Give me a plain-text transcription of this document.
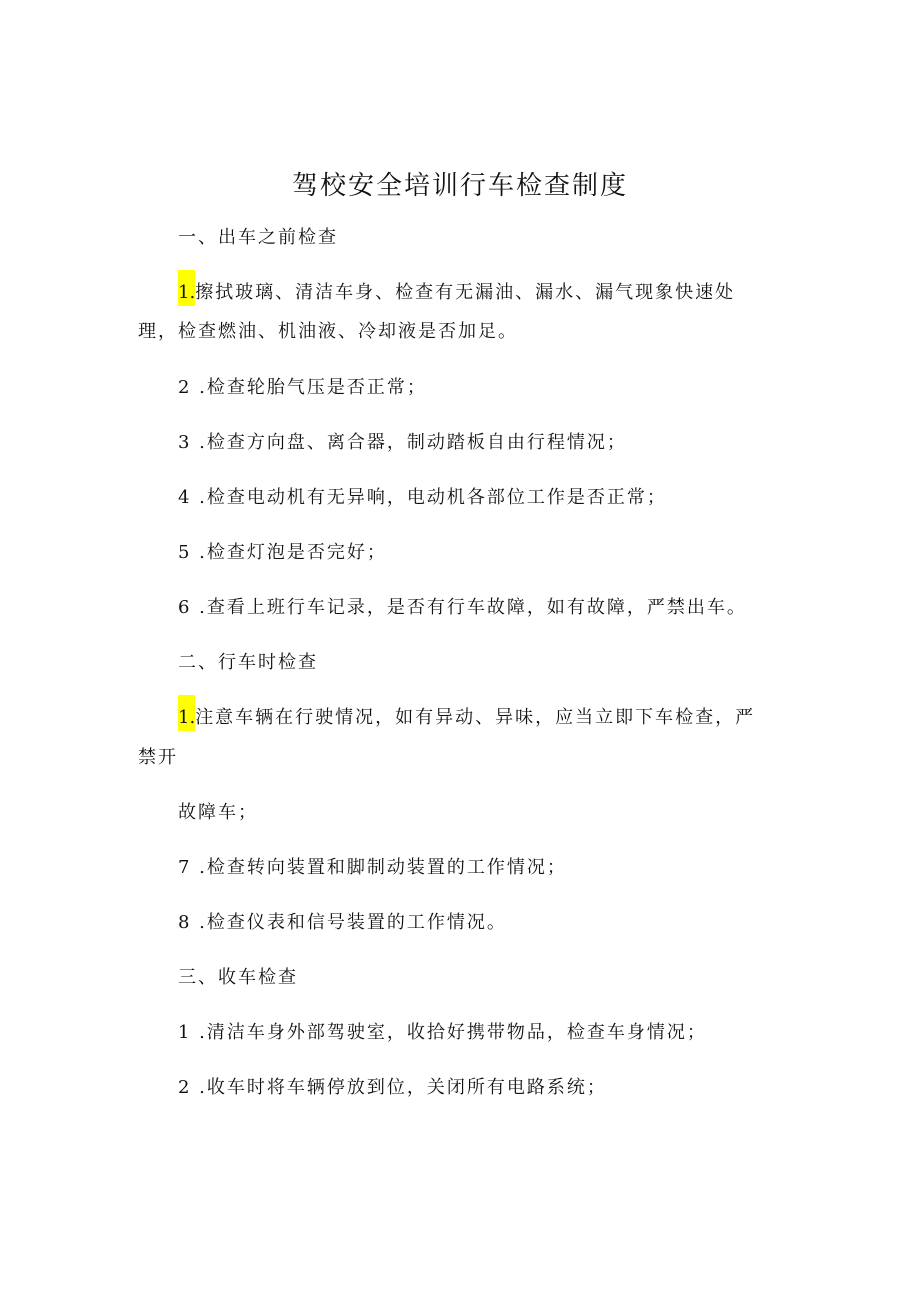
驾校安全培训行车检查制度
一、出车之前检查
1.擦拭玻璃、清洁车身、检查有无漏油、漏水、漏气现象快速处
理，检查燃油、机油液、冷却液是否加足。
2 .检查轮胎气压是否正常；
3 .检查方向盘、离合器，制动踏板自由行程情况；
4 .检查电动机有无异响，电动机各部位工作是否正常；
5 .检查灯泡是否完好；
6 .查看上班行车记录，是否有行车故障，如有故障，严禁出车。
二、行车时检查
1.注意车辆在行驶情况，如有异动、异味，应当立即下车检查，严
禁开
故障车；
7 .检查转向装置和脚制动装置的工作情况；
8 .检查仪表和信号装置的工作情况。
三、收车检查
1 .清洁车身外部驾驶室，收拾好携带物品，检查车身情况；
2 .收车时将车辆停放到位，关闭所有电路系统；
